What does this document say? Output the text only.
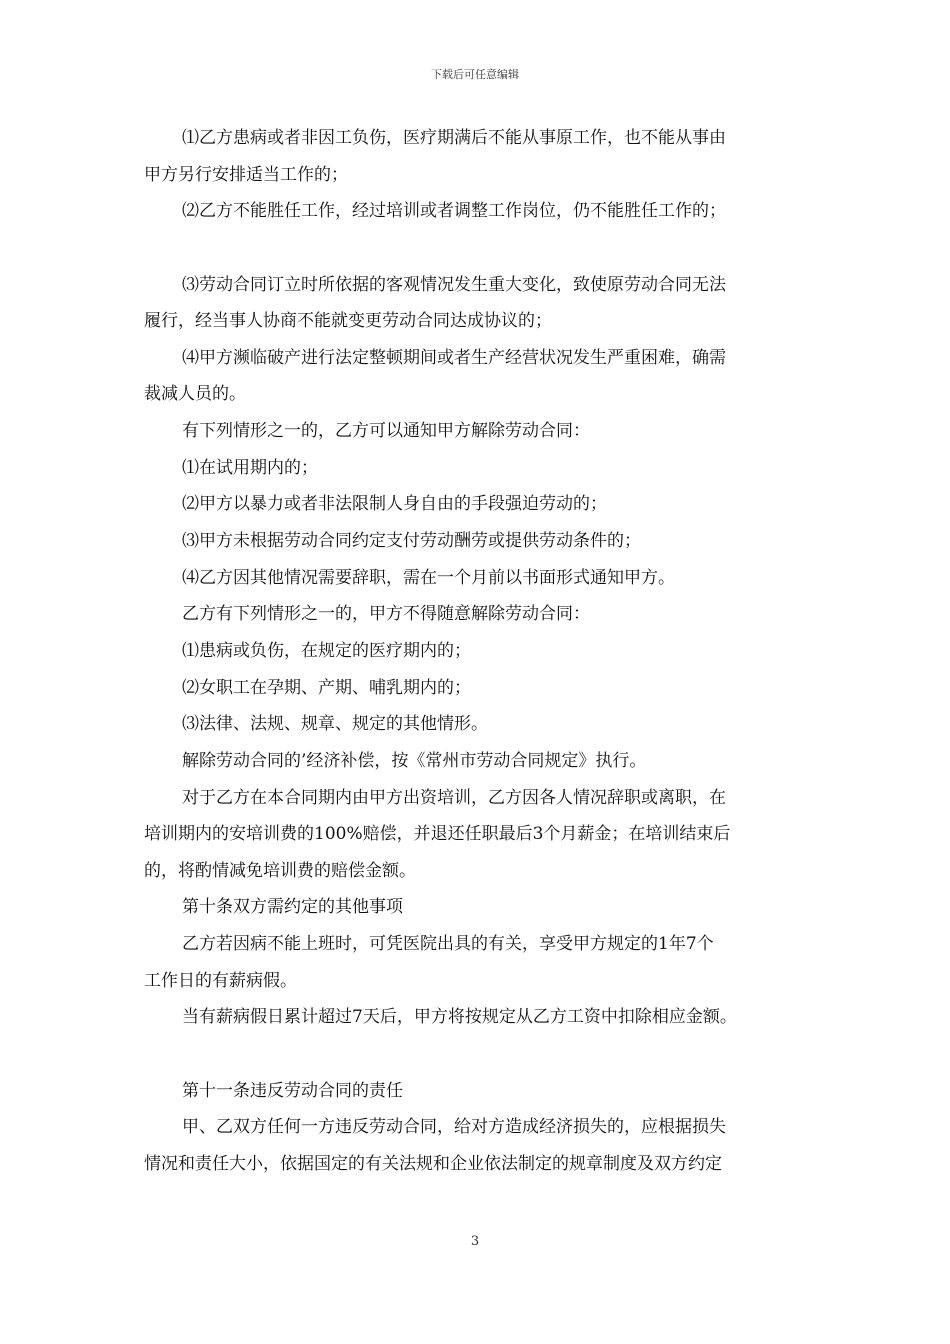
下载后可任意编辑
⑴乙方患病或者非因工负伤，医疗期满后不能从事原工作，也不能从事由
甲方另行安排适当工作的；
⑵乙方不能胜任工作，经过培训或者调整工作岗位，仍不能胜任工作的；
⑶劳动合同订立时所依据的客观情况发生重大变化，致使原劳动合同无法
履行，经当事人协商不能就变更劳动合同达成协议的；
⑷甲方濒临破产进行法定整顿期间或者生产经营状况发生严重困难，确需
裁减人员的。
有下列情形之一的，乙方可以通知甲方解除劳动合同：
⑴在试用期内的；
⑵甲方以暴力或者非法限制人身自由的手段强迫劳动的；
⑶甲方未根据劳动合同约定支付劳动酬劳或提供劳动条件的；
⑷乙方因其他情况需要辞职，需在一个月前以书面形式通知甲方。
乙方有下列情形之一的，甲方不得随意解除劳动合同：
⑴患病或负伤，在规定的医疗期内的；
⑵女职工在孕期、产期、哺乳期内的；
⑶法律、法规、规章、规定的其他情形。
解除劳动合同的’经济补偿，按《常州市劳动合同规定》执行。
对于乙方在本合同期内由甲方出资培训，乙方因各人情况辞职或离职，在
培训期内的安培训费的100%赔偿，并退还任职最后3个月薪金；在培训结束后
的，将酌情减免培训费的赔偿金额。
第十条双方需约定的其他事项
乙方若因病不能上班时，可凭医院出具的有关，享受甲方规定的1年7个
工作日的有薪病假。
当有薪病假日累计超过7天后，甲方将按规定从乙方工资中扣除相应金额。
第十一条违反劳动合同的责任
甲、乙双方任何一方违反劳动合同，给对方造成经济损失的，应根据损失
情况和责任大小，依据国定的有关法规和企业依法制定的规章制度及双方约定
3
